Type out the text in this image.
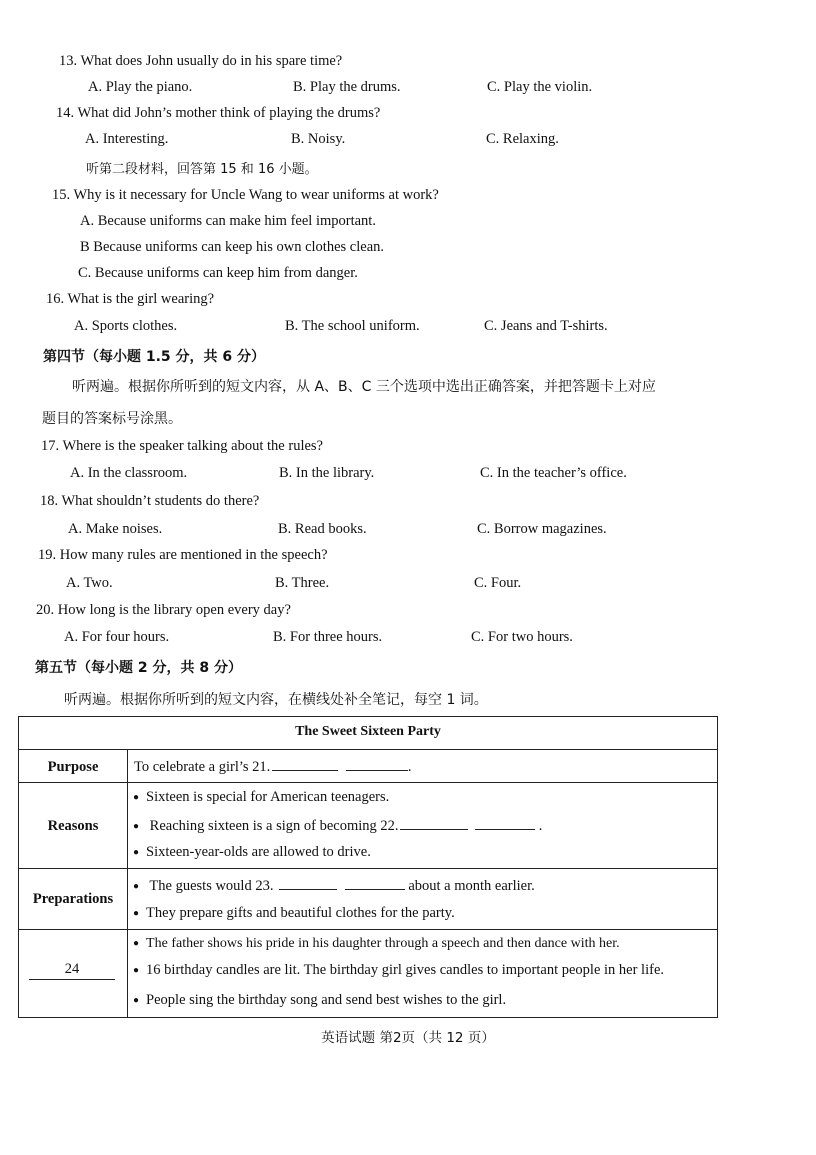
13. What does John usually do in his spare time?
A. Play the piano.	B. Play the drums.	C. Play the violin.
14. What did John’s mother think of playing the drums?
A. Interesting.	B. Noisy.	C. Relaxing.
听第二段材料，回答第 15 和 16 小题。
15. Why is it necessary for Uncle Wang to wear uniforms at work?
A. Because uniforms can make him feel important.
B Because uniforms can keep his own clothes clean.
C. Because uniforms can keep him from danger.
16. What is the girl wearing?
A. Sports clothes.	B. The school uniform.	C. Jeans and T-shirts.
第四节（每小题 1.5 分，共 6 分）
听两遍。根据你所听到的短文内容，从 A、B、C 三个选项中选出正确答案，并把答题卡上对应
题目的答案标号涂黑。
17. Where is the speaker talking about the rules?
A. In the classroom.	B. In the library.	C. In the teacher’s office.
18. What shouldn’t students do there?
A. Make noises.	B. Read books.	C. Borrow magazines.
19. How many rules are mentioned in the speech?
A. Two.	B. Three.	C. Four.
20. How long is the library open every day?
A. For four hours.	B. For three hours.	C. For two hours.
第五节（每小题 2 分，共 8 分）
听两遍。根据你所听到的短文内容，在横线处补全笔记，每空 1 词。
The Sweet Sixteen Party
Purpose	To celebrate a girl’s 21.	.
Reasons
● Sixteen is special for American teenagers.
● Reaching sixteen is a sign of becoming 22.	.
● Sixteen-year-olds are allowed to drive.
Preparations
● The guests would 23.	about a month earlier.
● They prepare gifts and beautiful clothes for the party.
24
● The father shows his pride in his daughter through a speech and then dance with her.
● 16 birthday candles are lit. The birthday girl gives candles to important people in her life.
● People sing the birthday song and send best wishes to the girl.
英语试题 第2页（共 12 页）
